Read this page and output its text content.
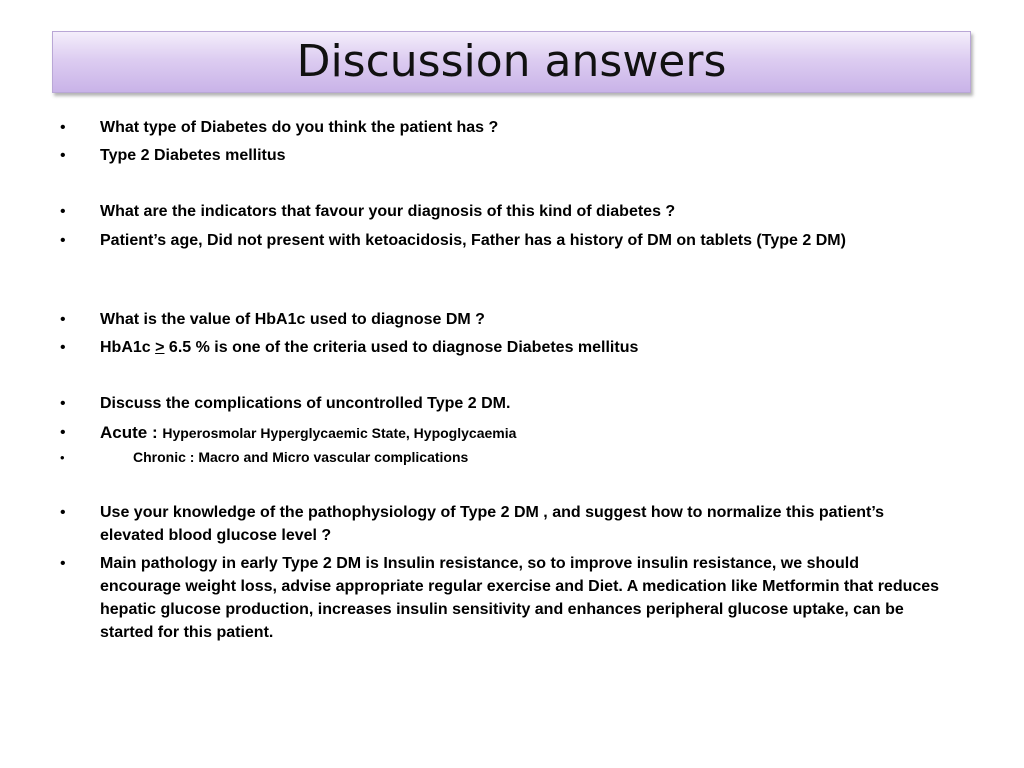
Discussion answers
• What type of Diabetes do you think the patient has ?
• Type 2 Diabetes mellitus
• What are the indicators that favour your diagnosis of this kind of diabetes ?
• Patient’s age, Did not present with ketoacidosis, Father has a history of DM on tablets (Type 2 DM)
• What is the value of HbA1c used to diagnose DM ?
• HbA1c ≥ 6.5 % is one of the criteria used to diagnose Diabetes mellitus
• Discuss the complications of uncontrolled Type 2 DM.
• Acute : Hyperosmolar Hyperglycaemic State, Hypoglycaemia
•	Chronic : Macro and Micro vascular complications
• Use your knowledge of the pathophysiology of Type 2 DM , and suggest how to normalize this patient’s elevated blood glucose level ?
• Main pathology in early Type 2 DM is Insulin resistance, so to improve insulin resistance, we should encourage weight loss, advise appropriate regular exercise and Diet. A medication like Metformin that reduces hepatic glucose production, increases insulin sensitivity and enhances peripheral glucose uptake, can be started for this patient.
